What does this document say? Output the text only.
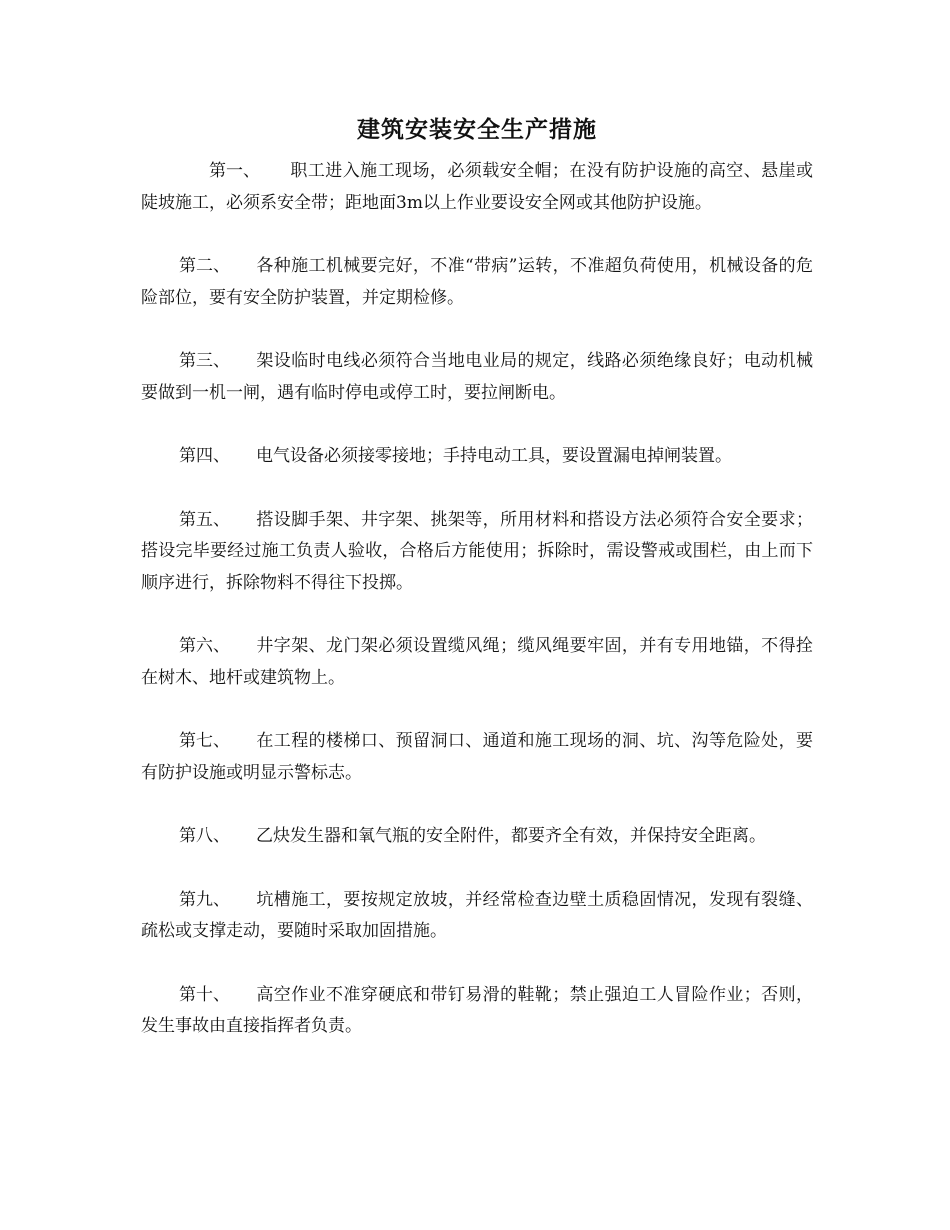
建筑安装安全生产措施

第一、 职工进入施工现场，必须载安全帽；在没有防护设施的高空、悬崖或陡坡施工，必须系安全带；距地面3m以上作业要设安全网或其他防护设施。

第二、 各种施工机械要完好，不准“带病”运转，不准超负荷使用，机械设备的危险部位，要有安全防护装置，并定期检修。

第三、 架设临时电线必须符合当地电业局的规定，线路必须绝缘良好；电动机械要做到一机一闸，遇有临时停电或停工时，要拉闸断电。

第四、 电气设备必须接零接地；手持电动工具，要设置漏电掉闸装置。

第五、 搭设脚手架、井字架、挑架等，所用材料和搭设方法必须符合安全要求；搭设完毕要经过施工负责人验收，合格后方能使用；拆除时，需设警戒或围栏，由上而下顺序进行，拆除物料不得往下投掷。

第六、 井字架、龙门架必须设置缆风绳；缆风绳要牢固，并有专用地锚，不得拴在树木、地杆或建筑物上。

第七、 在工程的楼梯口、预留洞口、通道和施工现场的洞、坑、沟等危险处，要有防护设施或明显示警标志。

第八、 乙炔发生器和氧气瓶的安全附件，都要齐全有效，并保持安全距离。

第九、 坑槽施工，要按规定放坡，并经常检查边壁土质稳固情况，发现有裂缝、疏松或支撑走动，要随时采取加固措施。

第十、 高空作业不准穿硬底和带钉易滑的鞋靴；禁止强迫工人冒险作业；否则，发生事故由直接指挥者负责。
